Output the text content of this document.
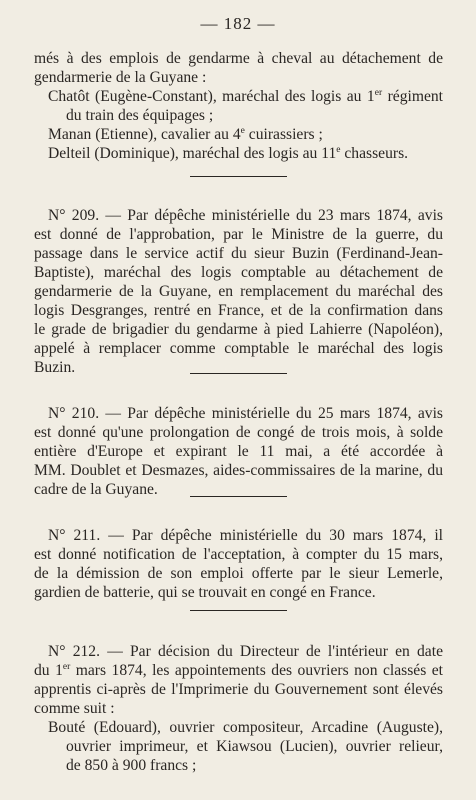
— 182 —
més à des emplois de gendarme à cheval au détachement de
gendarmerie de la Guyane :
Chatôt (Eugène-Constant), maréchal des logis au 1er régiment
du train des équipages ;
Manan (Etienne), cavalier au 4e cuirassiers ;
Delteil (Dominique), maréchal des logis au 11e chasseurs.
N° 209. — Par dépêche ministérielle du 23 mars 1874, avis
est donné de l'approbation, par le Ministre de la guerre, du
passage dans le service actif du sieur Buzin (Ferdinand-Jean-
Baptiste), maréchal des logis comptable au détachement de
gendarmerie de la Guyane, en remplacement du maréchal des
logis Desgranges, rentré en France, et de la confirmation dans
le grade de brigadier du gendarme à pied Lahierre (Napoléon),
appelé à remplacer comme comptable le maréchal des logis
Buzin.
N° 210. — Par dépêche ministérielle du 25 mars 1874, avis
est donné qu'une prolongation de congé de trois mois, à solde
entière d'Europe et expirant le 11 mai, a été accordée à
MM. Doublet et Desmazes, aides-commissaires de la marine, du
cadre de la Guyane.
N° 211. — Par dépêche ministérielle du 30 mars 1874, il
est donné notification de l'acceptation, à compter du 15 mars,
de la démission de son emploi offerte par le sieur Lemerle,
gardien de batterie, qui se trouvait en congé en France.
N° 212. — Par décision du Directeur de l'intérieur en date
du 1er mars 1874, les appointements des ouvriers non classés et
apprentis ci-après de l'Imprimerie du Gouvernement sont élevés
comme suit :
Bouté (Edouard), ouvrier compositeur, Arcadine (Auguste),
ouvrier imprimeur, et Kiawsou (Lucien), ouvrier relieur,
de 850 à 900 francs ;
